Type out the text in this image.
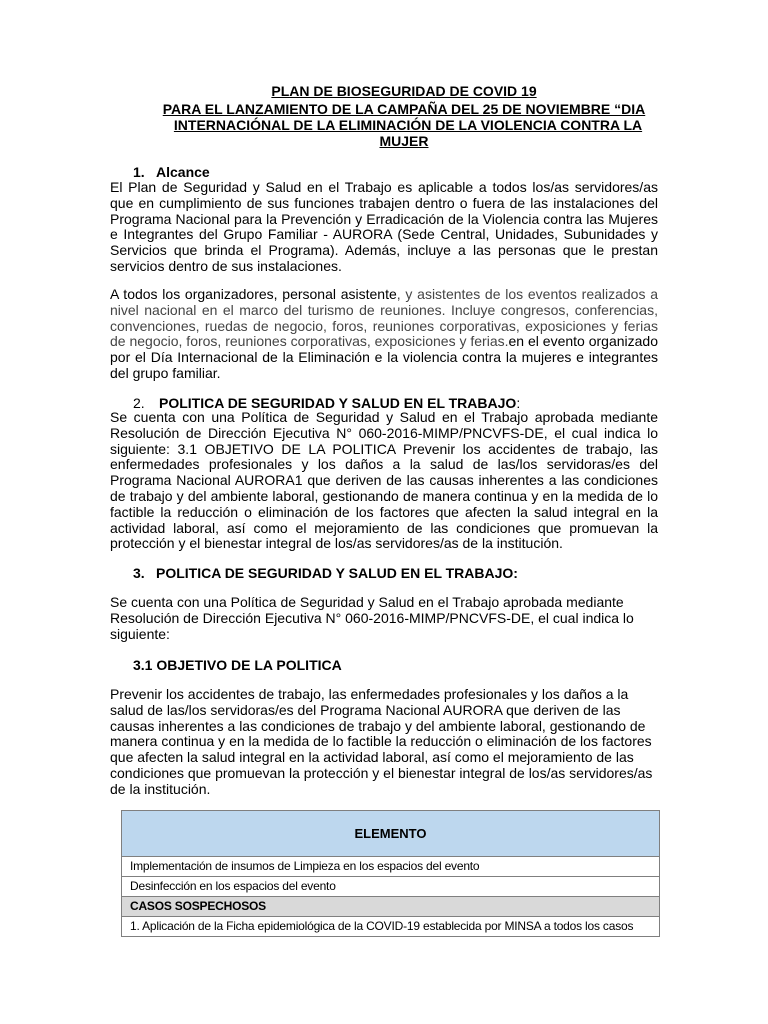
PLAN DE BIOSEGURIDAD DE COVID 19

PARA EL LANZAMIENTO DE LA CAMPAÑA DEL 25 DE NOVIEMBRE “DIA

INTERNACIÓNAL DE LA ELIMINACIÓN DE LA VIOLENCIA CONTRA LA

MUJER

1. Alcance

El Plan de Seguridad y Salud en el Trabajo es aplicable a todos los/as servidores/as que en cumplimiento de sus funciones trabajen dentro o fuera de las instalaciones del Programa Nacional para la Prevención y Erradicación de la Violencia contra las Mujeres e Integrantes del Grupo Familiar - AURORA (Sede Central, Unidades, Subunidades y Servicios que brinda el Programa). Además, incluye a las personas que le prestan servicios dentro de sus instalaciones.

A todos los organizadores, personal asistente, y asistentes de los eventos realizados a nivel nacional en el marco del turismo de reuniones. Incluye congresos, conferencias, convenciones, ruedas de negocio, foros, reuniones corporativas, exposiciones y ferias de negocio, foros, reuniones corporativas, exposiciones y ferias.en el evento organizado por el Día Internacional de la Eliminación e la violencia contra la mujeres e integrantes del grupo familiar.

2. POLITICA DE SEGURIDAD Y SALUD EN EL TRABAJO:

Se cuenta con una Política de Seguridad y Salud en el Trabajo aprobada mediante Resolución de Dirección Ejecutiva N° 060-2016-MIMP/PNCVFS-DE, el cual indica lo siguiente: 3.1 OBJETIVO DE LA POLITICA Prevenir los accidentes de trabajo, las enfermedades profesionales y los daños a la salud de las/los servidoras/es del Programa Nacional AURORA1 que deriven de las causas inherentes a las condiciones de trabajo y del ambiente laboral, gestionando de manera continua y en la medida de lo factible la reducción o eliminación de los factores que afecten la salud integral en la actividad laboral, así como el mejoramiento de las condiciones que promuevan la protección y el bienestar integral de los/as servidores/as de la institución.

3. POLITICA DE SEGURIDAD Y SALUD EN EL TRABAJO:

Se cuenta con una Política de Seguridad y Salud en el Trabajo aprobada mediante Resolución de Dirección Ejecutiva N° 060-2016-MIMP/PNCVFS-DE, el cual indica lo siguiente:

3.1 OBJETIVO DE LA POLITICA

Prevenir los accidentes de trabajo, las enfermedades profesionales y los daños a la salud de las/los servidoras/es del Programa Nacional AURORA que deriven de las causas inherentes a las condiciones de trabajo y del ambiente laboral, gestionando de manera continua y en la medida de lo factible la reducción o eliminación de los factores que afecten la salud integral en la actividad laboral, así como el mejoramiento de las condiciones que promuevan la protección y el bienestar integral de los/as servidores/as de la institución.

ELEMENTO
Implementación de insumos de Limpieza en los espacios del evento
Desinfección en los espacios del evento
CASOS SOSPECHOSOS
1. Aplicación de la Ficha epidemiológica de la COVID-19 establecida por MINSA a todos los casos
